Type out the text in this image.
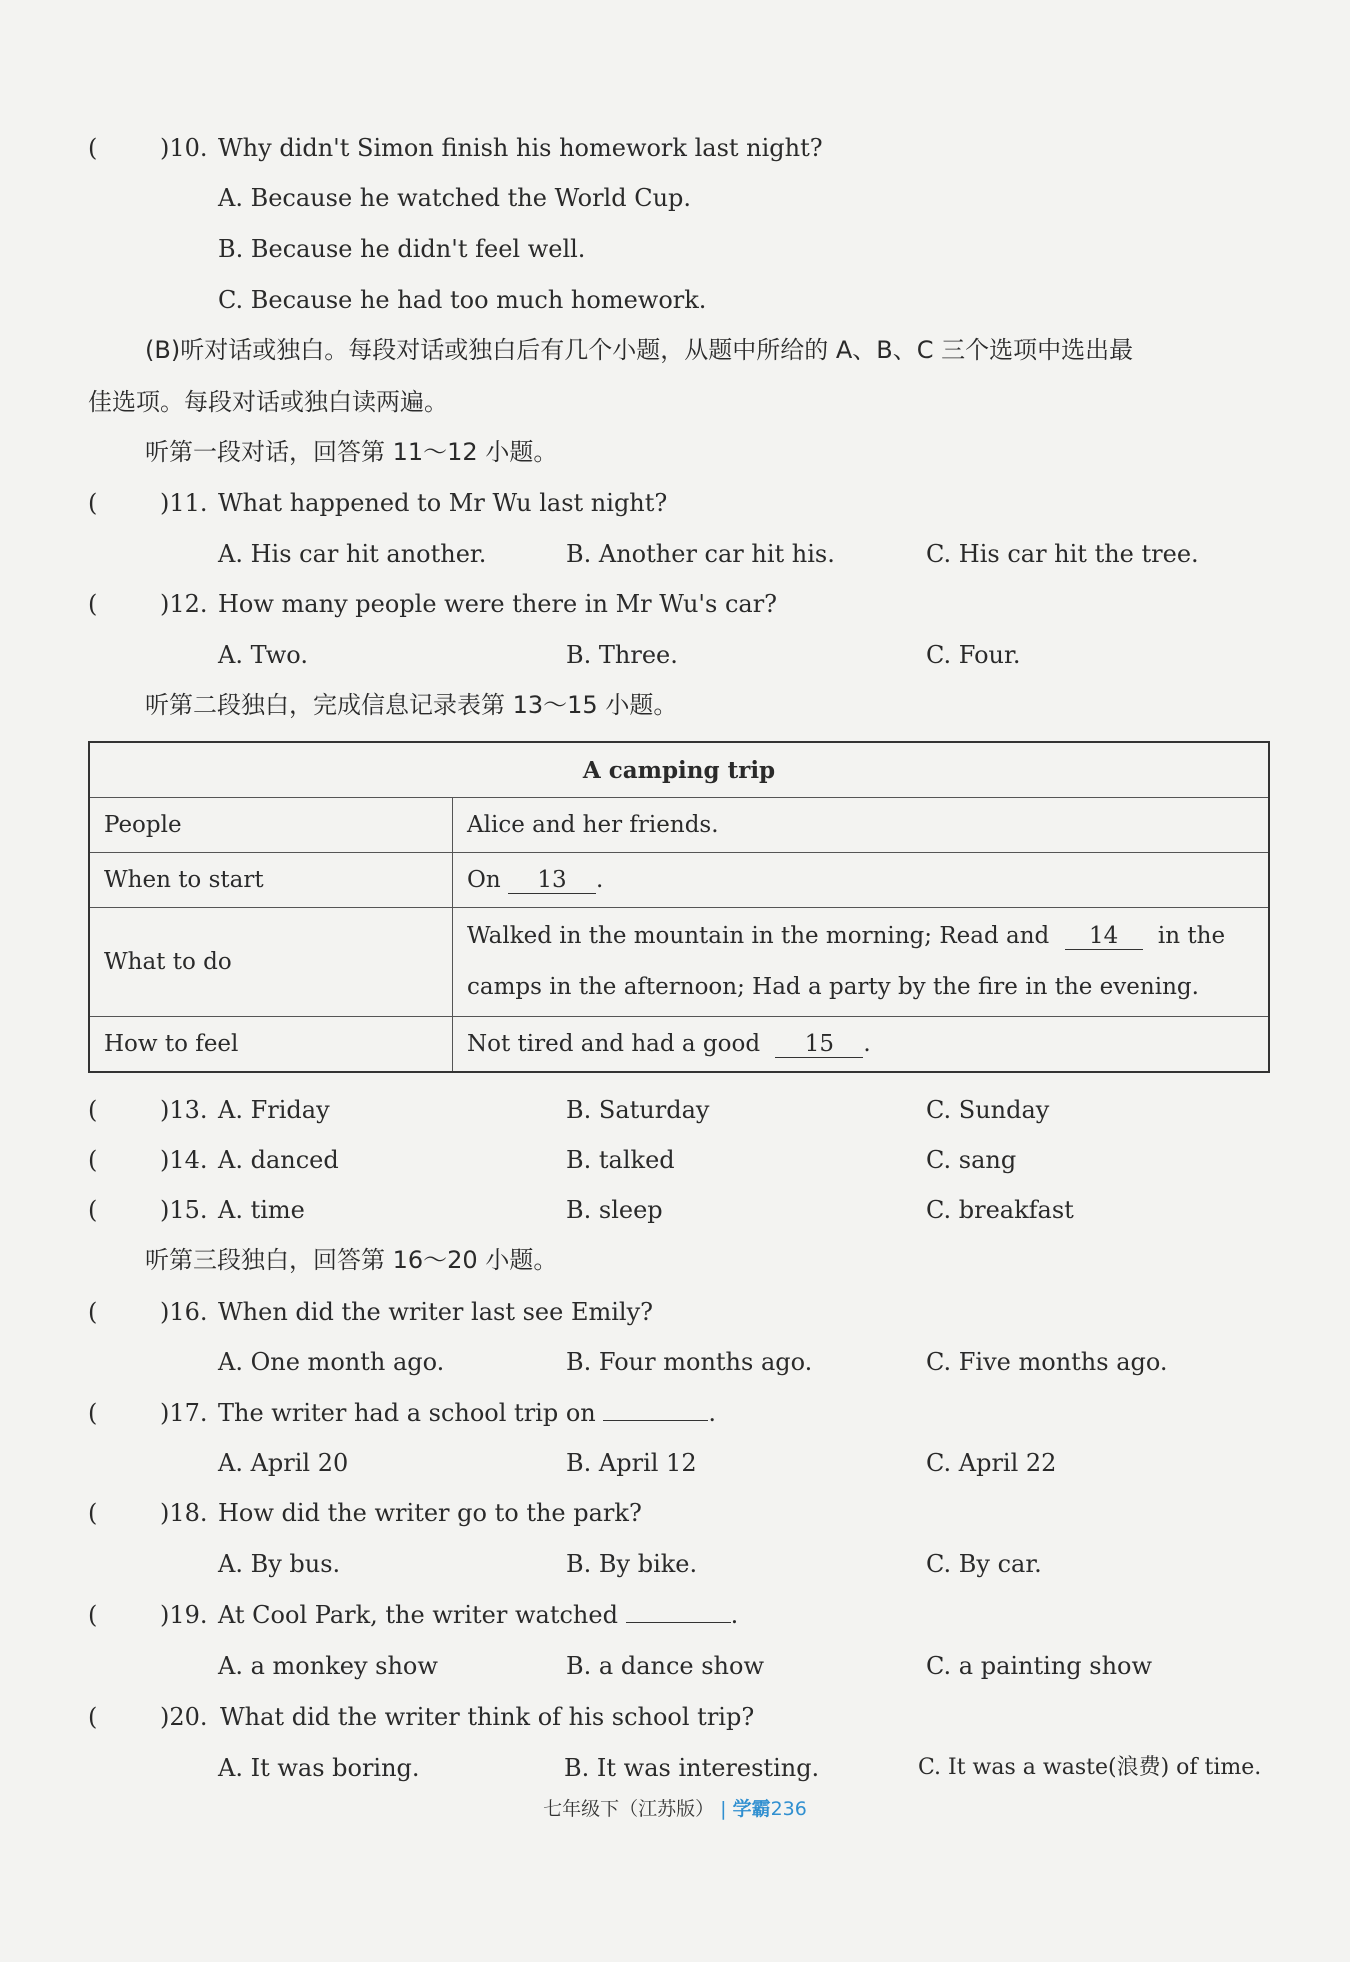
(	)10. Why didn't Simon finish his homework last night?
A. Because he watched the World Cup.
B. Because he didn't feel well.
C. Because he had too much homework.
(B)听对话或独白。每段对话或独白后有几个小题，从题中所给的 A、B、C 三个选项中选出最
佳选项。每段对话或独白读两遍。
听第一段对话，回答第 11～12 小题。
(	)11. What happened to Mr Wu last night?
A. His car hit another.	B. Another car hit his.	C. His car hit the tree.
(	)12. How many people were there in Mr Wu's car?
A. Two.	B. Three.	C. Four.
听第二段独白，完成信息记录表第 13～15 小题。
A camping trip	
People	Alice and her friends.
When to start	On 13 .
What to do	Walked in the mountain in the morning; Read and 14 in the
camps in the afternoon; Had a party by the fire in the evening.
How to feel	Not tired and had a good 15 .
(	)13. A. Friday	B. Saturday	C. Sunday
(	)14. A. danced	B. talked	C. sang
(	)15. A. time	B. sleep	C. breakfast
听第三段独白，回答第 16～20 小题。
(	)16. When did the writer last see Emily?
A. One month ago.	B. Four months ago.	C. Five months ago.
(	)17. The writer had a school trip on	.
A. April 20	B. April 12	C. April 22
(	)18. How did the writer go to the park?
A. By bus.	B. By bike.	C. By car.
(	)19. At Cool Park, the writer watched	.
A. a monkey show	B. a dance show	C. a painting show
(	)20. What did the writer think of his school trip?
A. It was boring.	B. It was interesting.	C. It was a waste(浪费) of time.
七年级下（江苏版） | 学霸236
